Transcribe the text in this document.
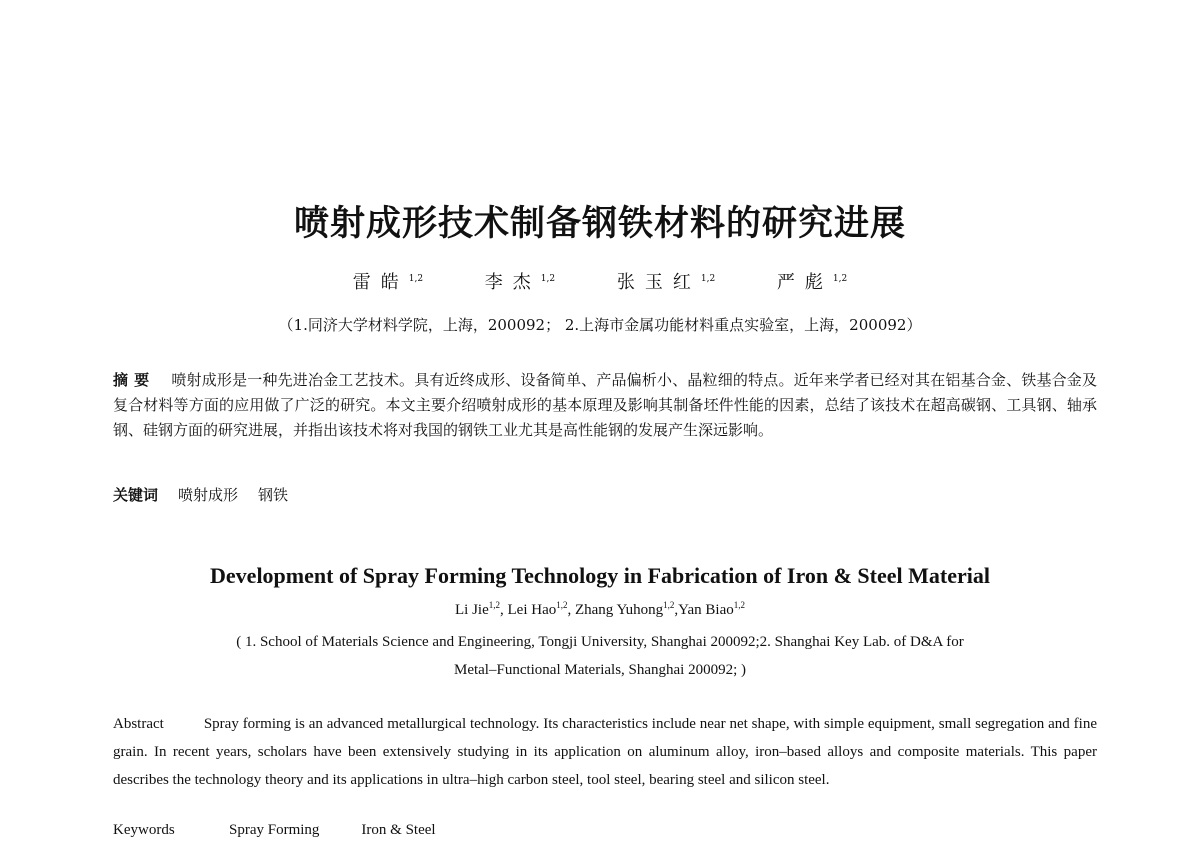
喷射成形技术制备钢铁材料的研究进展
雷皓$^{1,2}$	李杰$^{1,2}$	张玉红$^{1,2}$	严彪$^{1,2}$
（1.同济大学材料学院，上海，200092； 2.上海市金属功能材料重点实验室，上海，200092）
摘要 喷射成形是一种先进冶金工艺技术。具有近终成形、设备简单、产品偏析小、晶粒细的特点。近年来学者已经对其在铝基合金、铁基合金及复合材料等方面的应用做了广泛的研究。本文主要介绍喷射成形的基本原理及影响其制备坯件性能的因素，总结了该技术在超高碳钢、工具钢、轴承钢、硅钢方面的研究进展，并指出该技术将对我国的钢铁工业尤其是高性能钢的发展产生深远影响。
关键词 喷射成形 钢铁
Development of Spray Forming Technology in Fabrication of Iron & Steel Material
Li Jie$^{1,2}$, Lei Hao$^{1,2}$, Zhang Yuhong$^{1,2}$,Yan Biao$^{1,2}$
( 1. School of Materials Science and Engineering, Tongji University, Shanghai 200092;2. Shanghai Key Lab. of D&A for
Metal–Functional Materials, Shanghai 200092; )
Abstract	Spray forming is an advanced metallurgical technology. Its characteristics include near net shape, with simple equipment, small segregation and fine grain. In recent years, scholars have been extensively studying in its application on aluminum alloy, iron–based alloys and composite materials. This paper describes the technology theory and its applications in ultra–high carbon steel, tool steel, bearing steel and silicon steel.
Keywords	Spray Forming	Iron & Steel
